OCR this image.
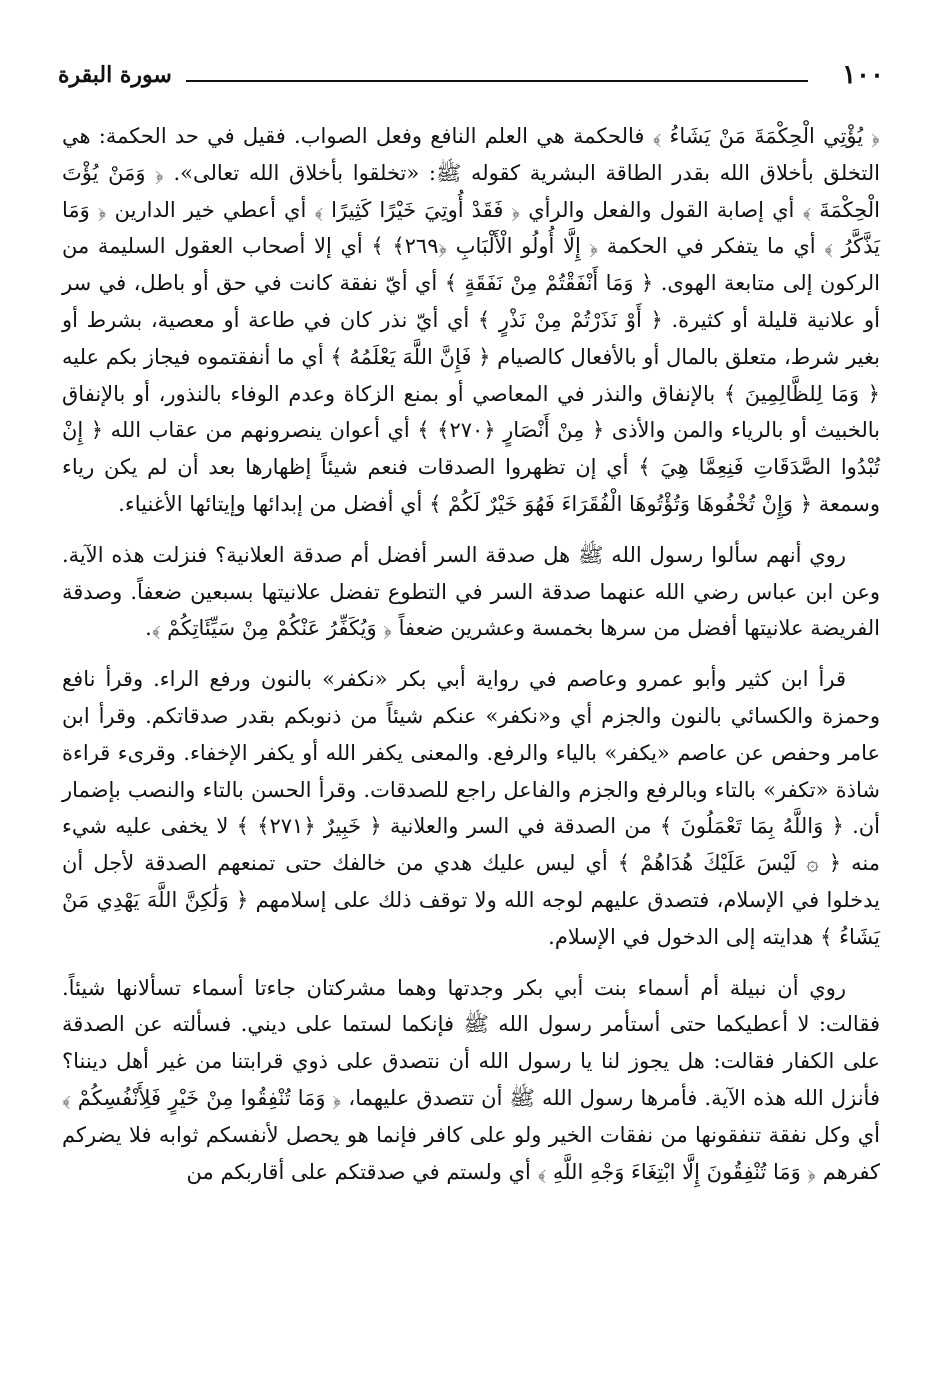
١٠٠
سورة البقرة

﴿ يُؤْتِي الْحِكْمَةَ مَنْ يَشَاءُ ﴾ فالحكمة هي العلم النافع وفعل الصواب. فقيل في حد الحكمة: هي التخلق بأخلاق الله بقدر الطاقة البشرية كقوله ﷺ: «تخلقوا بأخلاق الله تعالى». ﴿ وَمَنْ يُؤْتَ الْحِكْمَةَ ﴾ أي إصابة القول والفعل والرأي ﴿ فَقَدْ أُوتِيَ خَيْرًا كَثِيرًا ﴾ أي أعطي خير الدارين ﴿ وَمَا يَذَّكَّرُ ﴾ أي ما يتفكر في الحكمة ﴿ إِلَّا أُولُو الْأَلْبَابِ ﴿٢٦٩﴾ ﴾ أي إلا أصحاب العقول السليمة من الركون إلى متابعة الهوى. ﴿ وَمَا أَنْفَقْتُمْ مِنْ نَفَقَةٍ ﴾ أي أيّ نفقة كانت في حق أو باطل، في سر أو علانية قليلة أو كثيرة. ﴿ أَوْ نَذَرْتُمْ مِنْ نَذْرٍ ﴾ أي أيّ نذر كان في طاعة أو معصية، بشرط أو بغير شرط، متعلق بالمال أو بالأفعال كالصيام ﴿ فَإِنَّ اللَّهَ يَعْلَمُهُ ﴾ أي ما أنفقتموه فيجاز بكم عليه ﴿ وَمَا لِلظَّالِمِينَ ﴾ بالإنفاق والنذر في المعاصي أو بمنع الزكاة وعدم الوفاء بالنذور، أو بالإنفاق بالخبيث أو بالرياء والمن والأذى ﴿ مِنْ أَنْصَارٍ ﴿٢٧٠﴾ ﴾ أي أعوان ينصرونهم من عقاب الله ﴿ إِنْ تُبْدُوا الصَّدَقَاتِ فَنِعِمَّا هِيَ ﴾ أي إن تظهروا الصدقات فنعم شيئاً إظهارها بعد أن لم يكن رياء وسمعة ﴿ وَإِنْ تُخْفُوهَا وَتُؤْتُوهَا الْفُقَرَاءَ فَهُوَ خَيْرٌ لَكُمْ ﴾ أي أفضل من إبدائها وإيتائها الأغنياء.

روي أنهم سألوا رسول الله ﷺ هل صدقة السر أفضل أم صدقة العلانية؟ فنزلت هذه الآية. وعن ابن عباس رضي الله عنهما صدقة السر في التطوع تفضل علانيتها بسبعين ضعفاً. وصدقة الفريضة علانيتها أفضل من سرها بخمسة وعشرين ضعفاً ﴿ وَيُكَفِّرُ عَنْكُمْ مِنْ سَيِّئَاتِكُمْ ﴾.

قرأ ابن كثير وأبو عمرو وعاصم في رواية أبي بكر «نكفر» بالنون ورفع الراء. وقرأ نافع وحمزة والكسائي بالنون والجزم أي و«نكفر» عنكم شيئاً من ذنوبكم بقدر صدقاتكم. وقرأ ابن عامر وحفص عن عاصم «يكفر» بالياء والرفع. والمعنى يكفر الله أو يكفر الإخفاء. وقرىء قراءة شاذة «تكفر» بالتاء وبالرفع والجزم والفاعل راجع للصدقات. وقرأ الحسن بالتاء والنصب بإضمار أن. ﴿ وَاللَّهُ بِمَا تَعْمَلُونَ ﴾ من الصدقة في السر والعلانية ﴿ خَبِيرٌ ﴿٢٧١﴾ ﴾ لا يخفى عليه شيء منه ﴿ ۞ لَيْسَ عَلَيْكَ هُدَاهُمْ ﴾ أي ليس عليك هدي من خالفك حتى تمنعهم الصدقة لأجل أن يدخلوا في الإسلام، فتصدق عليهم لوجه الله ولا توقف ذلك على إسلامهم ﴿ وَلَٰكِنَّ اللَّهَ يَهْدِي مَنْ يَشَاءُ ﴾ هدايته إلى الدخول في الإسلام.

روي أن نبيلة أم أسماء بنت أبي بكر وجدتها وهما مشركتان جاءتا أسماء تسألانها شيئاً. فقالت: لا أعطيكما حتى أستأمر رسول الله ﷺ فإنكما لستما على ديني. فسألته عن الصدقة على الكفار فقالت: هل يجوز لنا يا رسول الله أن نتصدق على ذوي قرابتنا من غير أهل ديننا؟ فأنزل الله هذه الآية. فأمرها رسول الله ﷺ أن تتصدق عليهما، ﴿ وَمَا تُنْفِقُوا مِنْ خَيْرٍ فَلِأَنْفُسِكُمْ ﴾ أي وكل نفقة تنفقونها من نفقات الخير ولو على كافر فإنما هو يحصل لأنفسكم ثوابه فلا يضركم كفرهم ﴿ وَمَا تُنْفِقُونَ إِلَّا ابْتِغَاءَ وَجْهِ اللَّهِ ﴾ أي ولستم في صدقتكم على أقاربكم من
